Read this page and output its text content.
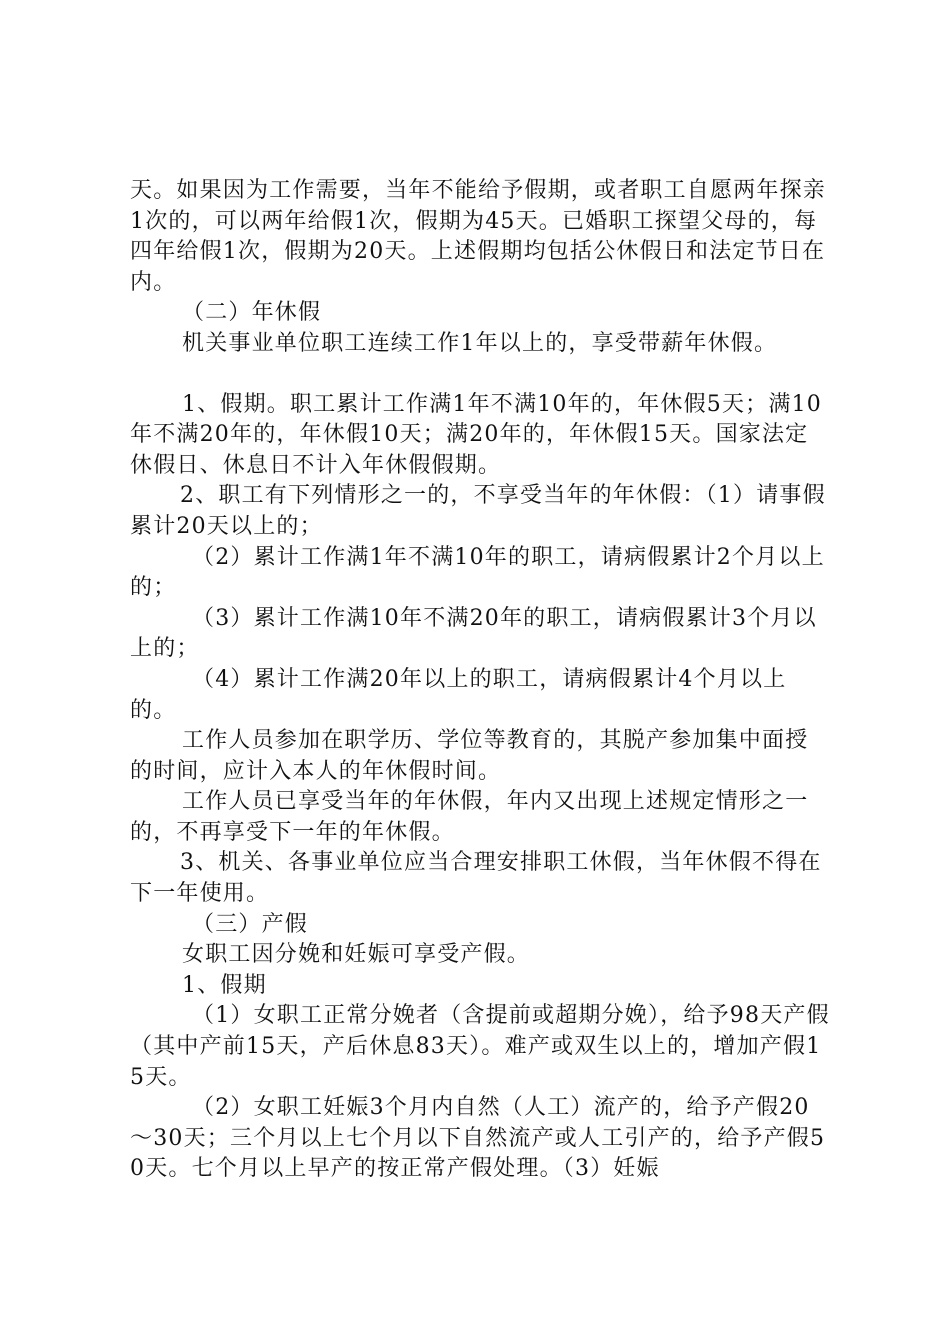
天。如果因为工作需要，当年不能给予假期，或者职工自愿两年探亲1次的，可以两年给假1次，假期为45天。已婚职工探望父母的，每四年给假1次，假期为20天。上述假期均包括公休假日和法定节日在内。

（二）年休假

机关事业单位职工连续工作1年以上的，享受带薪年休假。

1、假期。职工累计工作满1年不满10年的，年休假5天；满10年不满20年的，年休假10天；满20年的，年休假15天。国家法定休假日、休息日不计入年休假假期。

2、职工有下列情形之一的，不享受当年的年休假：（1）请事假累计20天以上的；

（2）累计工作满1年不满10年的职工，请病假累计2个月以上的；

（3）累计工作满10年不满20年的职工，请病假累计3个月以上的；

（4）累计工作满20年以上的职工，请病假累计4个月以上的。

工作人员参加在职学历、学位等教育的，其脱产参加集中面授的时间，应计入本人的年休假时间。

工作人员已享受当年的年休假，年内又出现上述规定情形之一的，不再享受下一年的年休假。

3、机关、各事业单位应当合理安排职工休假，当年休假不得在下一年使用。

（三）产假

女职工因分娩和妊娠可享受产假。

1、假期

（1）女职工正常分娩者（含提前或超期分娩），给予98天产假（其中产前15天，产后休息83天）。难产或双生以上的，增加产假15天。

（2）女职工妊娠3个月内自然（人工）流产的，给予产假20～30天；三个月以上七个月以下自然流产或人工引产的，给予产假50天。七个月以上早产的按正常产假处理。（3）妊娠
